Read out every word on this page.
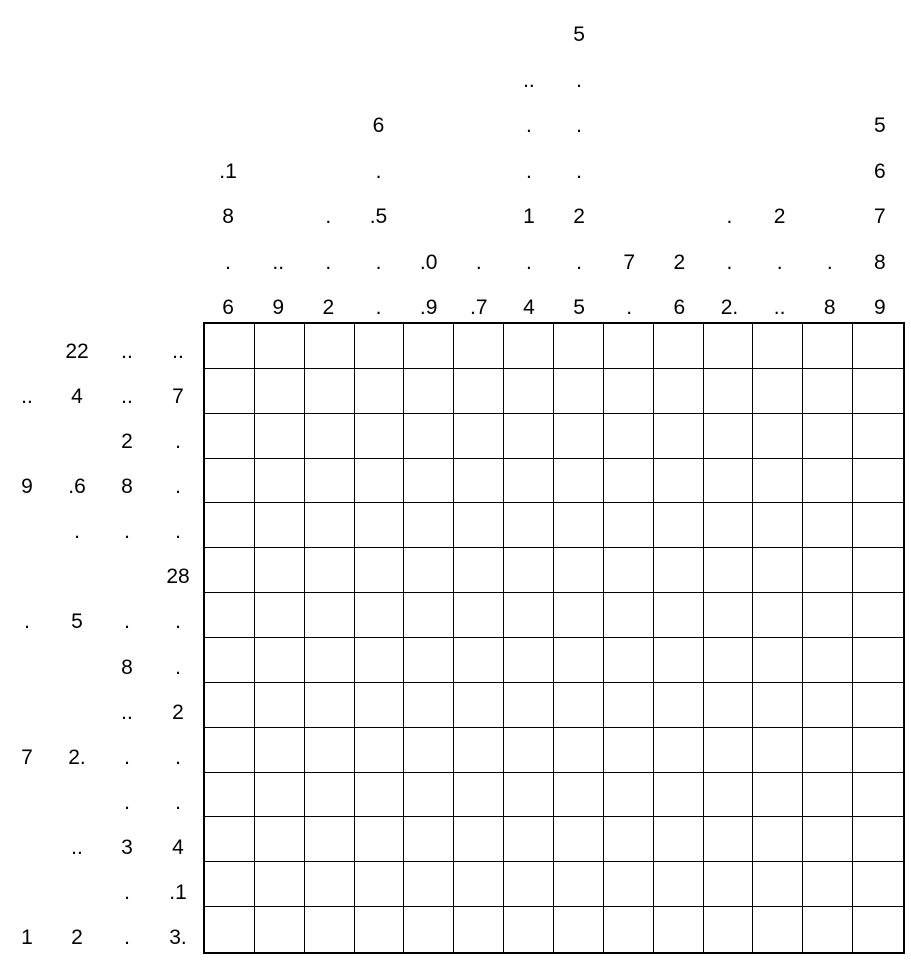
.1
8
.
6
..
9
.
.
2
6
.
.5
.
.
.0
.9
.
.7
..
.
.
1
.
4
5
.
.
.
2
.
5
7
.
2
6
.
.
2.
2
.
..
.
8
5
6
7
8
9
22	..	..
..	4	..	7
2	.
9	.6	8	.
.	.	.
28
.	5	.	.
8	.
..	2
7	2.	.	.
.	.
..	3	4
.	.1
1	2	.	3.
